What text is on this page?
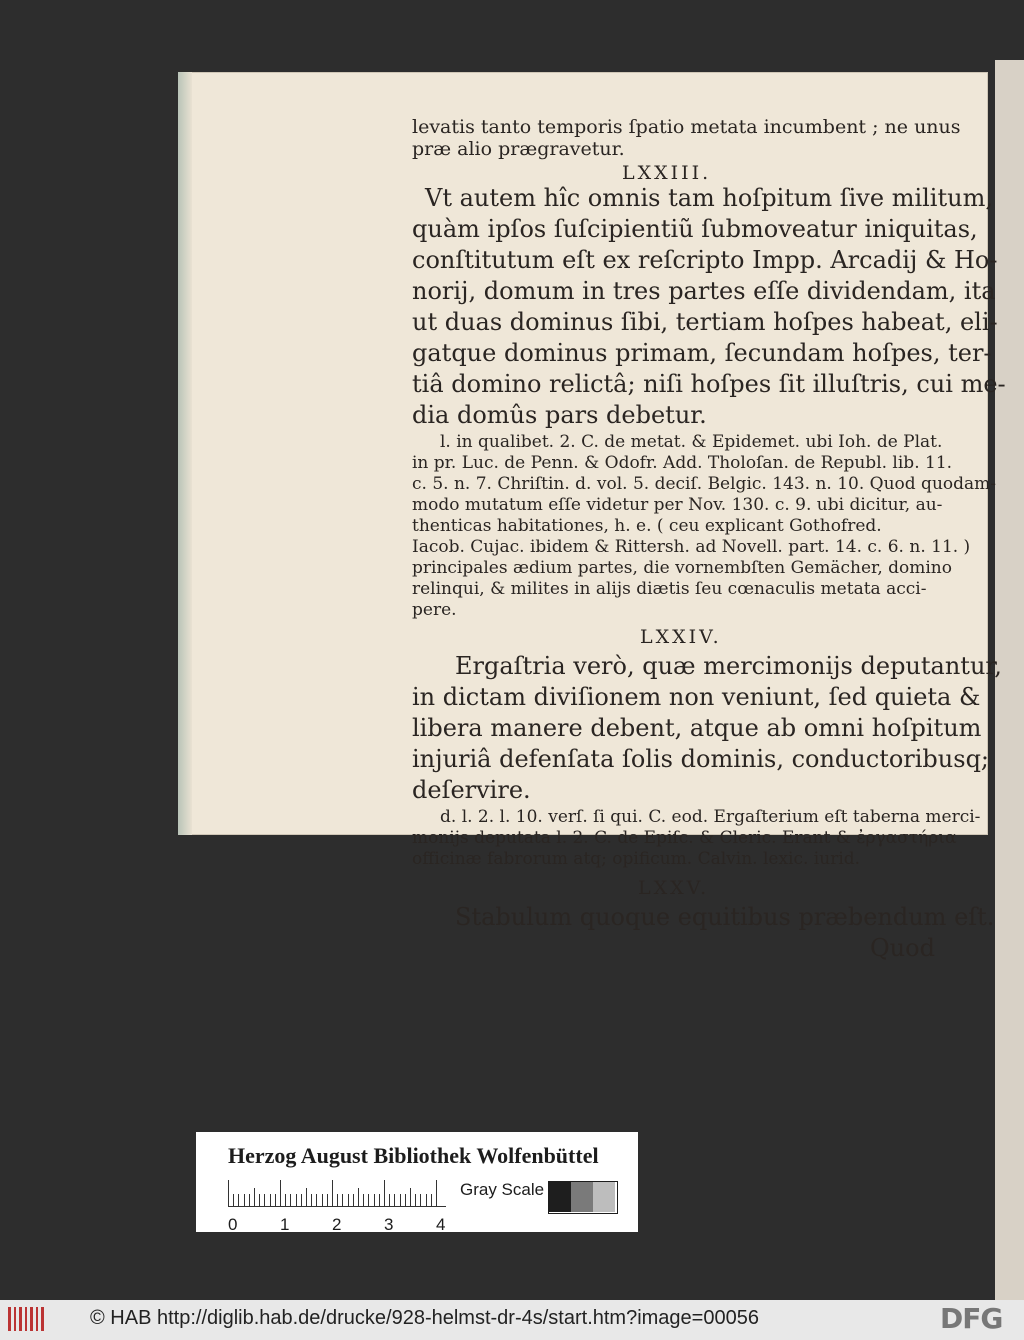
levatis tanto temporis ſpatio metata incumbent ; ne unus
præ alio prægravetur.
LXXIII.
Vt autem hîc omnis tam hoſpitum ſive militum,
quàm ipſos ſuſcipientiũ ſubmoveatur iniquitas,
conſtitutum eſt ex reſcripto Impp. Arcadij & Ho-
norij, domum in tres partes eſſe dividendam, ita
ut duas dominus ſibi, tertiam hoſpes habeat, eli-
gatque dominus primam, ſecundam hoſpes, ter-
tiâ domino relictâ; niſi hoſpes ſit illuſtris, cui me-
dia domûs pars debetur.
l. in qualibet. 2. C. de metat. & Epidemet. ubi Ioh. de Plat.
in pr. Luc. de Penn. & Odofr. Add. Tholoſan. de Republ. lib. 11.
c. 5. n. 7. Chriſtin. d. vol. 5. deciſ. Belgic. 143. n. 10. Quod quodam-
modo mutatum eſſe videtur per Nov. 130. c. 9. ubi dicitur, au-
thenticas habitationes, h. e. ( ceu explicant Gothofred.
Iacob. Cujac. ibidem & Rittersh. ad Novell. part. 14. c. 6. n. 11. )
principales ædium partes, die vornembſten Gemächer, domino
relinqui, & milites in alijs diætis ſeu cœnaculis metata acci-
pere.
LXXIV.
Ergaſtria verò, quæ mercimonijs deputantur,
in dictam diviſionem non veniunt, ſed quieta &
libera manere debent, atque ab omni hoſpitum
injuriâ defenſata ſolis dominis, conductoribusq;
deſervire.
d. l. 2. l. 10. verſ. ſi qui. C. eod. Ergaſterium eſt taberna merci-
monijs deputata l. 2. C. de Epiſc. & Cleric. Erant & ἐργαστήρια
officinæ fabrorum atq; opificum. Calvin. lexic. iurid.
LXXV.
Stabulum quoque equitibus præbendum eſt.
Quod
Herzog August Bibliothek Wolfenbüttel
0	1	2	3	4
Gray Scale
© HAB http://diglib.hab.de/drucke/928-helmst-dr-4s/start.htm?image=00056	DFG
